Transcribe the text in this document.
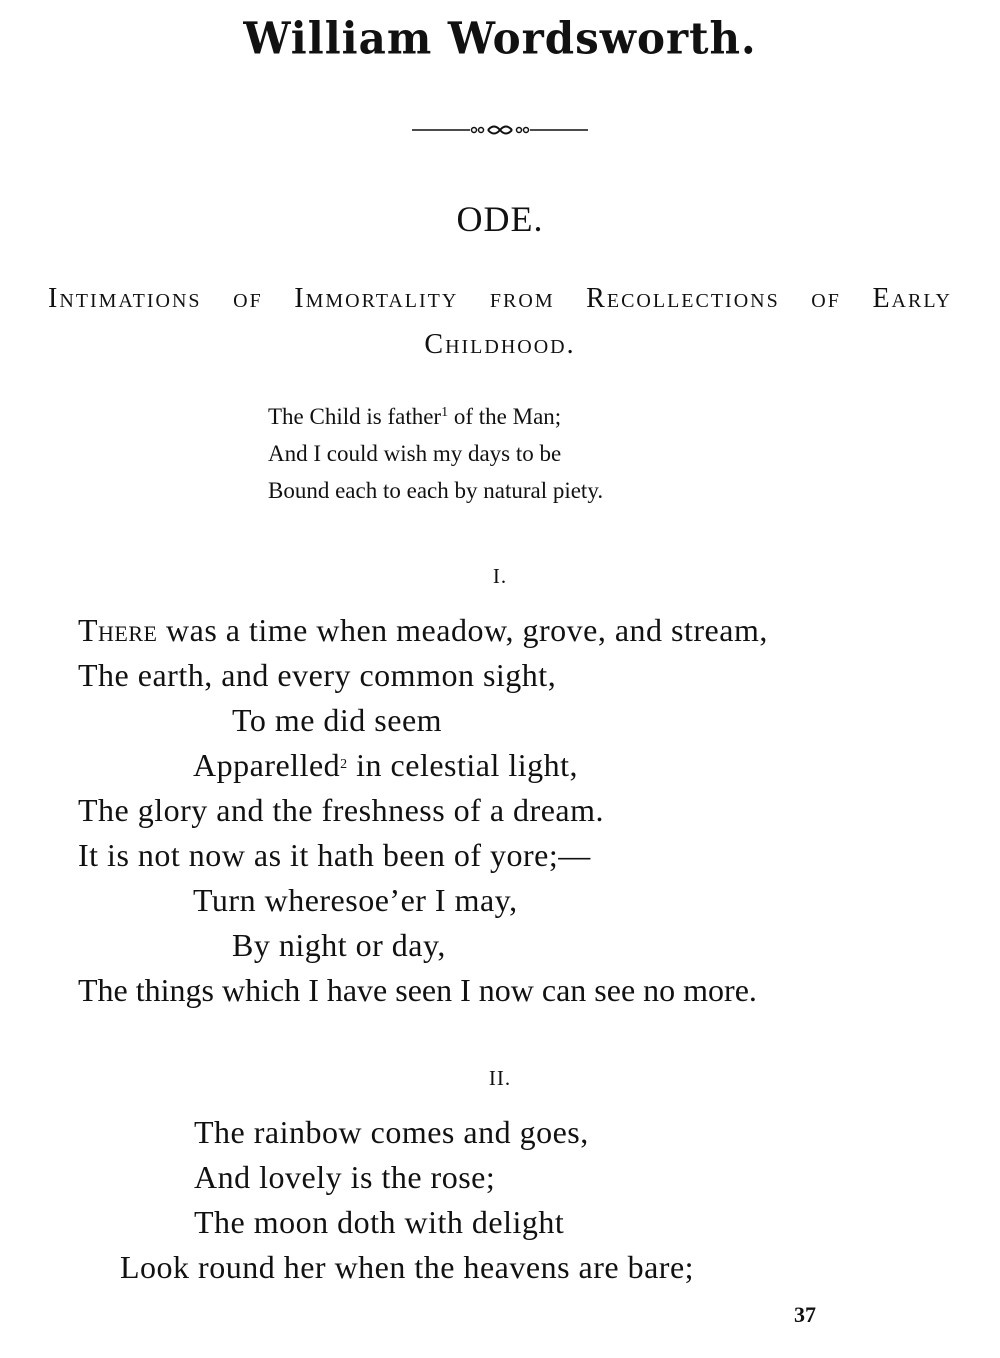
William Wordsworth.
ODE.
Intimations of Immortality from Recollections of Early Childhood.
The Child is father$^1$ of the Man;
And I could wish my days to be
Bound each to each by natural piety.
I.
There was a time when meadow, grove, and stream,
The earth, and every common sight,
To me did seem
Apparelled$^2$ in celestial light,
The glory and the freshness of a dream.
It is not now as it hath been of yore;—
Turn wheresoe’er I may,
By night or day,
The things which I have seen I now can see no more.
II.
The rainbow comes and goes,
And lovely is the rose;
The moon doth with delight
Look round her when the heavens are bare;
37
